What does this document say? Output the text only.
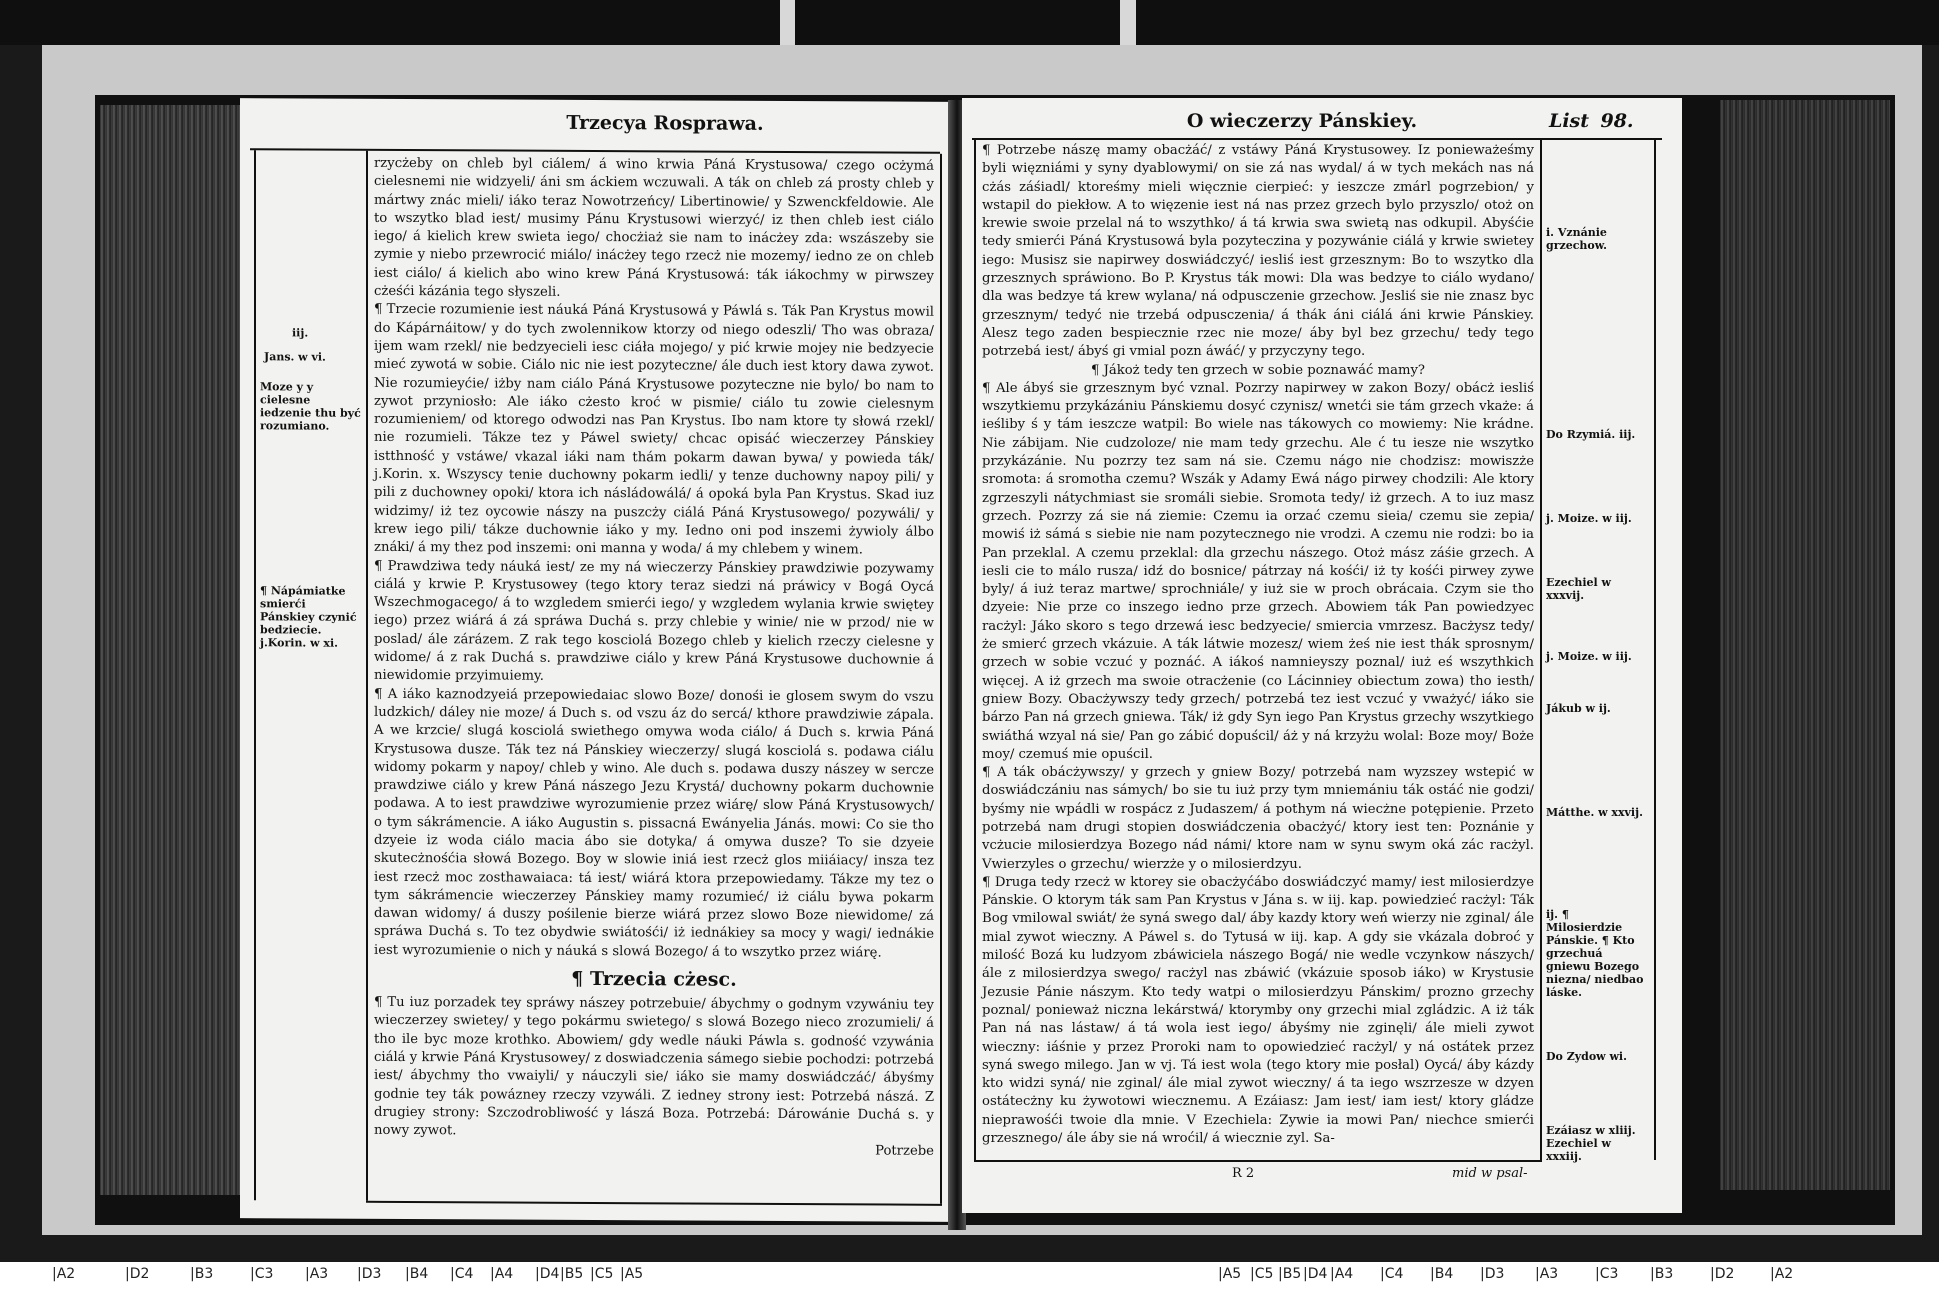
Trzecya Rosprawa.
iij.
Jans. w vi.
Moze y y cielesne iedzenie thu być rozumiano.
¶ Nápámiatke smierći Pánskiey czynić bedziecie. j.Korin. w xi.

rzycżeby on chleb byl ciálem/ á wino krwia Páná Krystusowa/ czego ocżymá cielesnemi nie widzyeli/ áni sm áckiem wczuwali. A ták on chleb zá prosty chleb y mártwy znác mieli/ iáko teraz Nowotrzeńcy/ Libertinowie/ y Szwenckfeldowie. Ale to wszytko blad iest/ musimy Pánu Krystusowi wierzyć/ iz then chleb iest ciálo iego/ á kielich krew swieta iego/ chocżiaż sie nam to inácżey zda: wszászeby sie zymie y niebo przewrocić miálo/ inácżey tego rzecż nie mozemy/ iedno ze on chleb iest ciálo/ á kielich abo wino krew Páná Krystusowá: ták iákochmy w pirwszey cżeśći kázánia tego słyszeli.

¶ Trzecie rozumienie iest náuká Páná Krystusowá y Páwlá s. Ták Pan Krystus mowil do Kápárnáitow/ y do tych zwolennikow ktorzy od niego odeszli/ Tho was obraza/ ijem wam rzekl/ nie bedzyecieli iesc ciáła mojego/ y pić krwie mojey nie bedzyecie mieć zywotá w sobie. Ciálo nic nie iest pozyteczne/ ále duch iest ktory dawa zywot. Nie rozumieyćie/ iżby nam ciálo Páná Krystusowe pozyteczne nie bylo/ bo nam to zywot przyniosło: Ale iáko cżesto kroć w pismie/ ciálo tu zowie cielesnym rozumieniem/ od ktorego odwodzi nas Pan Krystus. Ibo nam ktore ty słowá rzekl/ nie rozumieli. Tákze tez y Páwel swiety/ chcac opisáć wieczerzey Pánskiey istthność y vstáwe/ vkazal iáki nam thám pokarm dawan bywa/ y powieda ták/ j.Korin. x. Wszyscy tenie duchowny pokarm iedli/ y tenze duchowny napoy pili/ y pili z duchowney opoki/ ktora ich násládowálá/ á opoká byla Pan Krystus. Skad iuz widzimy/ iż tez oycowie nászy na puszcży ciálá Páná Krystusowego/ pozywáli/ y krew iego pili/ tákze duchownie iáko y my. Iedno oni pod inszemi żywioly álbo znáki/ á my thez pod inszemi: oni manna y woda/ á my chlebem y winem.

¶ Prawdziwa tedy náuká iest/ ze my ná wieczerzy Pánskiey prawdziwie pozywamy ciálá y krwie P. Krystusowey (tego ktory teraz siedzi ná práwicy v Bogá Oycá Wszechmogacego/ á to wzgledem smierći iego/ y wzgledem wylania krwie swiętey iego) przez wiárá á zá spráwa Duchá s. przy chlebie y winie/ nie w przod/ nie w poslad/ ále zárázem. Z rak tego kosciolá Bozego chleb y kielich rzeczy cielesne y widome/ á z rak Duchá s. prawdziwe ciálo y krew Páná Krystusowe duchownie á niewidomie przyimuiemy.

¶ A iáko kaznodzyeiá przepowiedaiac slowo Boze/ donośi ie glosem swym do vszu ludzkich/ dáley nie moze/ á Duch s. od vszu áz do sercá/ kthore prawdziwie zápala. A we krzcie/ slugá kosciolá swiethego omywa woda ciálo/ á Duch s. krwia Páná Krystusowa dusze. Ták tez ná Pánskiey wieczerzy/ slugá kosciolá s. podawa ciálu widomy pokarm y napoy/ chleb y wino. Ale duch s. podawa duszy nászey w sercze prawdziwe ciálo y krew Páná nászego Jezu Krystá/ duchowny pokarm duchownie podawa. A to iest prawdziwe wyrozumienie przez wiárę/ slow Páná Krystusowych/ o tym sákrámencie. A iáko Augustin s. pissacná Ewányelia Jánás. mowi: Co sie tho dzyeie iz woda ciálo macia ábo sie dotyka/ á omywa dusze? To sie dzyeie skutecżnośćia słowá Bozego. Boy w slowie iniá iest rzecż glos miiáiacy/ insza tez iest rzecż moc zosthawaiaca: tá iest/ wiárá ktora przepowiedamy. Tákze my tez o tym sákrámencie wieczerzey Pánskiey mamy rozumieć/ iż ciálu bywa pokarm dawan widomy/ á duszy pośilenie bierze wiárá przez slowo Boze niewidome/ zá spráwa Duchá s. To tez obydwie swiátośći/ iż iednákiey sa mocy y wagi/ iednákie iest wyrozumienie o nich y náuká s slowá Bozego/ á to wszytko przez wiárę.

¶ Trzecia cżesc.

¶ Tu iuz porzadek tey spráwy nászey potrzebuie/ ábychmy o godnym vzywániu tey wieczerzey swietey/ y tego pokármu swietego/ s slowá Bozego nieco zrozumieli/ á tho ile byc moze krothko. Abowiem/ gdy wedle náuki Páwla s. godność vzywánia ciálá y krwie Páná Krystusowey/ z doswiadczenia sámego siebie pochodzi: potrzebá iest/ ábychmy tho vwaiyli/ y náuczyli sie/ iáko sie mamy doswiádczáć/ ábyśmy godnie tey ták powázney rzeczy vzywáli. Z iedney strony iest: Potrzebá nászá. Z drugiey strony: Szczodrobliwość y lászá Boza. Potrzebá: Dárowánie Duchá s. y nowy zywot.

Potrzebe
O wieczerzy Pánskiey.	List 98.

¶ Potrzebe nászę mamy obacżáć/ z vstáwy Páná Krystusowey. Iz ponieważeśmy byli więzniámi y syny dyablowymi/ on sie zá nas wydal/ á w tych mekách nas ná cżás záśiadl/ ktoreśmy mieli więcznie cierpieć: y ieszcze zmárl pogrzebion/ y wstapil do piekłow. A to więzenie iest ná nas przez grzech bylo przyszlo/ otoż on krewie swoie przelal ná to wszythko/ á tá krwia swa swietą nas odkupil. Abyśćie tedy smierći Páná Krystusowá byla pozyteczina y pozywánie ciálá y krwie swietey iego: Musisz sie napirwey doswiádczyć/ iesliś iest grzesznym: Bo to wszytko dla grzesznych spráwiono. Bo P. Krystus ták mowi: Dla was bedzye to ciálo wydano/ dla was bedzye tá krew wylana/ ná odpusczenie grzechow. Jesliś sie nie znasz byc grzesznym/ tedyć nie trzebá odpusczenia/ á thák áni ciálá áni krwie Pánskiey. Alesz tego zaden bespiecznie rzec nie moze/ áby byl bez grzechu/ tedy tego potrzebá iest/ ábyś gi vmial pozn áwáć/ y przyczyny tego.

¶ Jákoż tedy ten grzech w sobie poznawáć mamy?

¶ Ale ábyś sie grzesznym być vznal. Pozrzy napirwey w zakon Bozy/ obácż iesliś wszytkiemu przykázániu Pánskiemu dosyć czynisz/ wnetći sie tám grzech vkaże: á ieśliby ś y tám ieszcze watpil: Bo wiele nas tákowych co mowiemy: Nie krádne. Nie zábijam. Nie cudzoloze/ nie mam tedy grzechu. Ale ć tu iesze nie wszytko przykázánie. Nu pozrzy tez sam ná sie. Czemu nágo nie chodzisz: mowiszże sromota: á sromotha czemu? Wszák y Adamy Ewá nágo pirwey chodzili: Ale ktory zgrzeszyli nátychmiast sie sromáli siebie. Sromota tedy/ iż grzech. A to iuz masz grzech. Pozrzy zá sie ná ziemie: Czemu ia orzać czemu sieia/ czemu sie zepia/ mowiś iż sámá s siebie nie nam pozytecznego nie vrodzi. A czemu nie rodzi: bo ia Pan przeklal. A czemu przeklal: dla grzechu nászego. Otoż mász záśie grzech. A iesli cie to málo rusza/ idź do bosnice/ pátrzay ná kośći/ iż ty kośći pirwey zywe byly/ á iuż teraz martwe/ sprochniále/ y iuż sie w proch obrácaia. Czym sie tho dzyeie: Nie prze co inszego iedno prze grzech. Abowiem ták Pan powiedzyec racżyl: Jáko skoro s tego drzewá iesc bedzyecie/ smiercia vmrzesz. Bacżysz tedy/ że smierć grzech vkázuie. A ták látwie mozesz/ wiem żeś nie iest thák sprosnym/ grzech w sobie vczuć y poznáć. A iákoś namnieyszy poznal/ iuż eś wszythkich więcej. A iż grzech ma swoie otracżenie (co Lácinniey obiectum zowa) tho iesth/ gniew Bozy. Obacżywszy tedy grzech/ potrzebá tez iest vczuć y vważyć/ iáko sie bárzo Pan ná grzech gniewa. Ták/ iż gdy Syn iego Pan Krystus grzechy wszytkiego swiáthá wzyal ná sie/ Pan go zábić dopuścil/ áż y ná krzyżu wolal: Boze moy/ Boże moy/ czemuś mie opuścil.

¶ A ták obácżywszy/ y grzech y gniew Bozy/ potrzebá nam wyzszey wstepić w doswiádczániu nas sámych/ bo sie tu iuż przy tym mniemániu ták ostáć nie godzi/ byśmy nie wpádli w rospácz z Judaszem/ á pothym ná wiecżne potępienie. Przeto potrzebá nam drugi stopien doswiádczenia obacżyć/ ktory iest ten: Poznánie y vcżucie milosierdzya Bozego nád námi/ ktore nam w synu swym oká zác racżyl. Vwierzyles o grzechu/ wierzże y o milosierdzyu.

¶ Druga tedy rzecż w ktorey sie obacżyćábo doswiádczyć mamy/ iest milosierdzye Pánskie. O ktorym ták sam Pan Krystus v Jána s. w iij. kap. powiedzieć racżyl: Ták Bog vmilowal swiát/ że syná swego dal/ áby kazdy ktory weń wierzy nie zginal/ ále mial zywot wieczny. A Páwel s. do Tytusá w iij. kap. A gdy sie vkázala dobroć y milość Bozá ku ludzyom zbáwiciela nászego Bogá/ nie wedle vczynkow nászych/ ále z milosierdzya swego/ racżyl nas zbáwić (vkázuie sposob iáko) w Krystusie Jezusie Pánie nászym. Kto tedy watpi o milosierdzyu Pánskim/ prozno grzechy poznal/ ponieważ niczna lekárstwá/ ktorymby ony grzechi mial zgládzic. A iż ták Pan ná nas lástaw/ á tá wola iest iego/ ábyśmy nie zginęli/ ále mieli zywot wieczny: iáśnie y przez Proroki nam to opowiedzieć racżyl/ y ná ostátek przez syná swego milego. Jan w vj. Tá iest wola (tego ktory mie posłal) Oycá/ áby kázdy kto widzi syná/ nie zginal/ ále mial zywot wieczny/ á ta iego wszrzesze w dzyen ostátecżny ku żywotowi wiecznemu. A Ezáiasz: Jam iest/ iam iest/ ktory gládze nieprawośći twoie dla mnie. V Ezechiela: Zywie ia mowi Pan/ niechce smierći grzesznego/ ále áby sie ná wroćil/ á wiecznie zyl. Sa-

R 2	mid w psal-
i. Vznánie grzechow.
Do Rzymiá. iij.
j. Moize. w iij.
Ezechiel w xxxvij.
j. Moize. w iij.
Jákub w ij.
Mátthe. w xxvij.
ij. ¶ Milosierdzie Pánskie. ¶ Kto grzechuá gniewu Bozego niezna/ niedbao láske.
Do Zydow wi.
Ezáiasz w xliij. Ezechiel w xxxiij.
|A2	|D2	|B3	|C3 |A3 |D3 |B4 |C4 |A4 |D4 |B5 |C5 |A5	|A5 |C5 |B5 |D4 |A4 |C4 |B4 |D3 |A3	|C3 |B3	|D2	|A2
